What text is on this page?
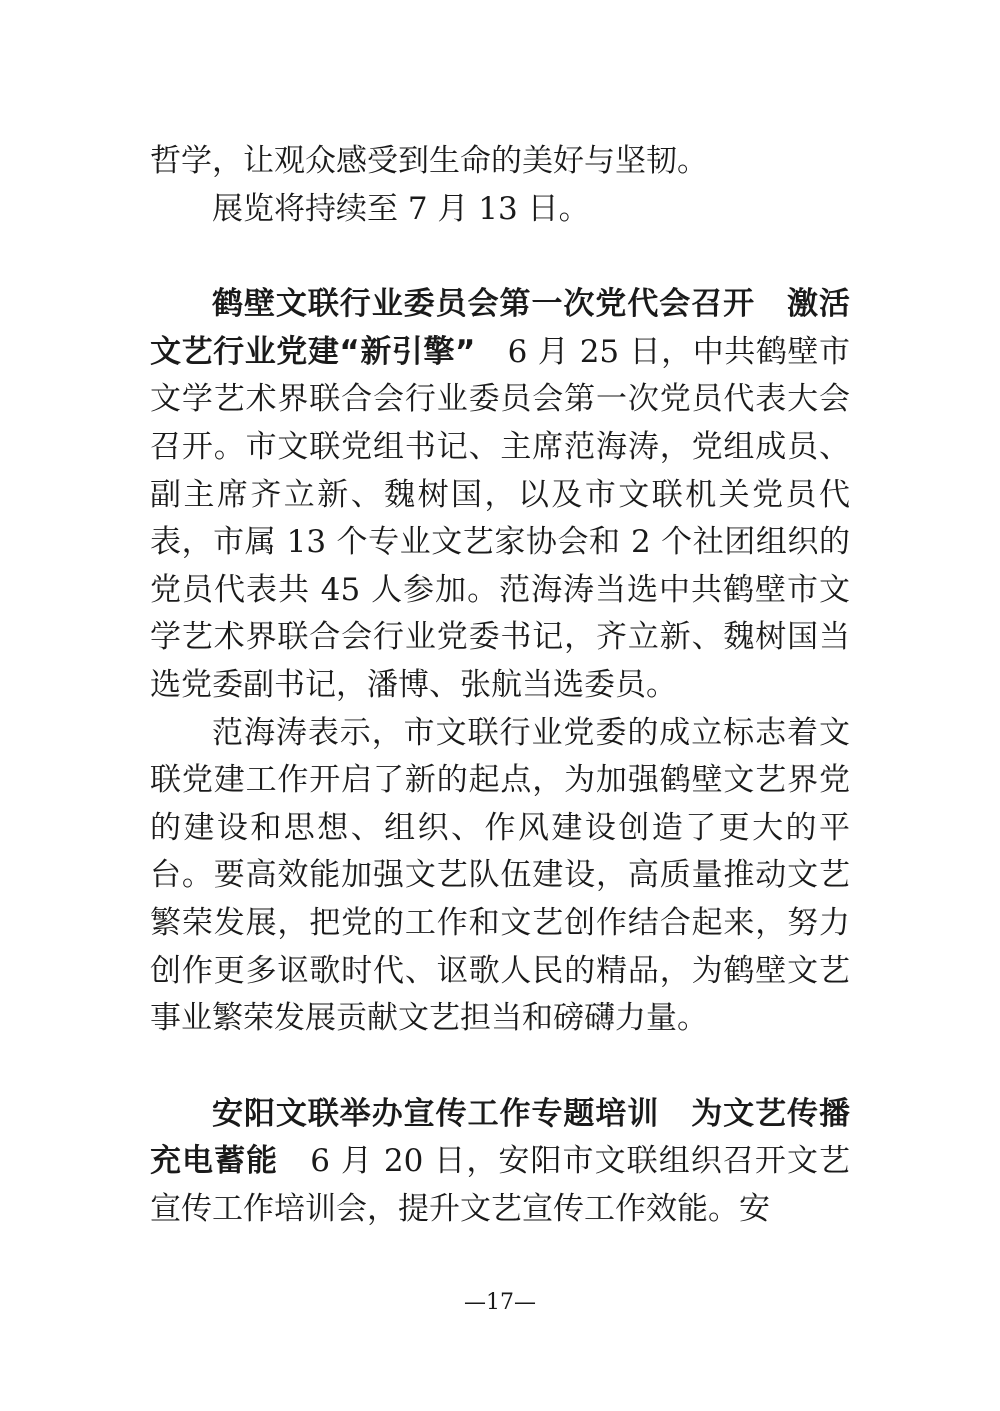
哲学，让观众感受到生命的美好与坚韧。

展览将持续至 7 月 13 日。

鹤壁文联行业委员会第一次党代会召开　激活文艺行业党建“新引擎”　6 月 25 日，中共鹤壁市文学艺术界联合会行业委员会第一次党员代表大会召开。市文联党组书记、主席范海涛，党组成员、副主席齐立新、魏树国，以及市文联机关党员代表，市属 13 个专业文艺家协会和 2 个社团组织的党员代表共 45 人参加。范海涛当选中共鹤壁市文学艺术界联合会行业党委书记，齐立新、魏树国当选党委副书记，潘博、张航当选委员。

范海涛表示，市文联行业党委的成立标志着文联党建工作开启了新的起点，为加强鹤壁文艺界党的建设和思想、组织、作风建设创造了更大的平台。要高效能加强文艺队伍建设，高质量推动文艺繁荣发展，把党的工作和文艺创作结合起来，努力创作更多讴歌时代、讴歌人民的精品，为鹤壁文艺事业繁荣发展贡献文艺担当和磅礴力量。

安阳文联举办宣传工作专题培训　为文艺传播充电蓄能　6 月 20 日，安阳市文联组织召开文艺宣传工作培训会，提升文艺宣传工作效能。安

—17—
